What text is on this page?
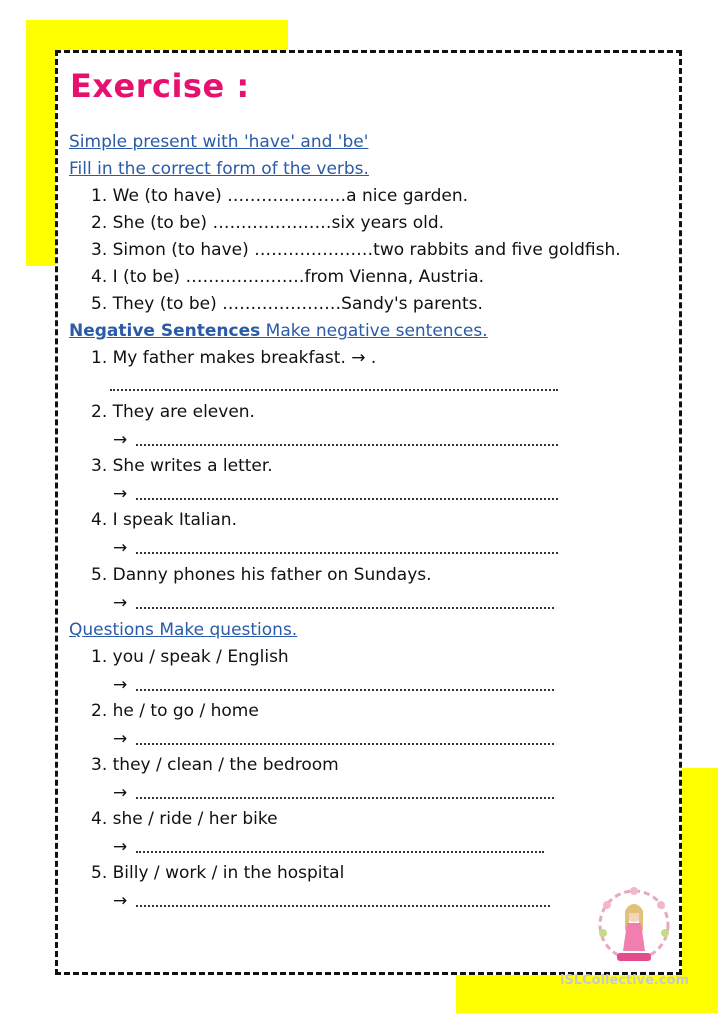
Exercise :
Simple present with 'have' and 'be'
Fill in the correct form of the verbs.
1. We (to have) …………………a nice garden.
2. She (to be) …………………six years old.
3. Simon (to have) …………………two rabbits and five goldfish.
4. I (to be) …………………from Vienna, Austria.
5. They (to be) …………………Sandy's parents.
Negative Sentences Make negative sentences.
1. My father makes breakfast. → .
2. They are eleven.
→
3. She writes a letter.
→
4. I speak Italian.
→
5. Danny phones his father on Sundays.
→
Questions Make questions.
1. you / speak / English
→
2. he / to go / home
→
3. they / clean / the bedroom
→
4. she / ride / her bike
→
5. Billy / work / in the hospital
→
iSLCollective.com
